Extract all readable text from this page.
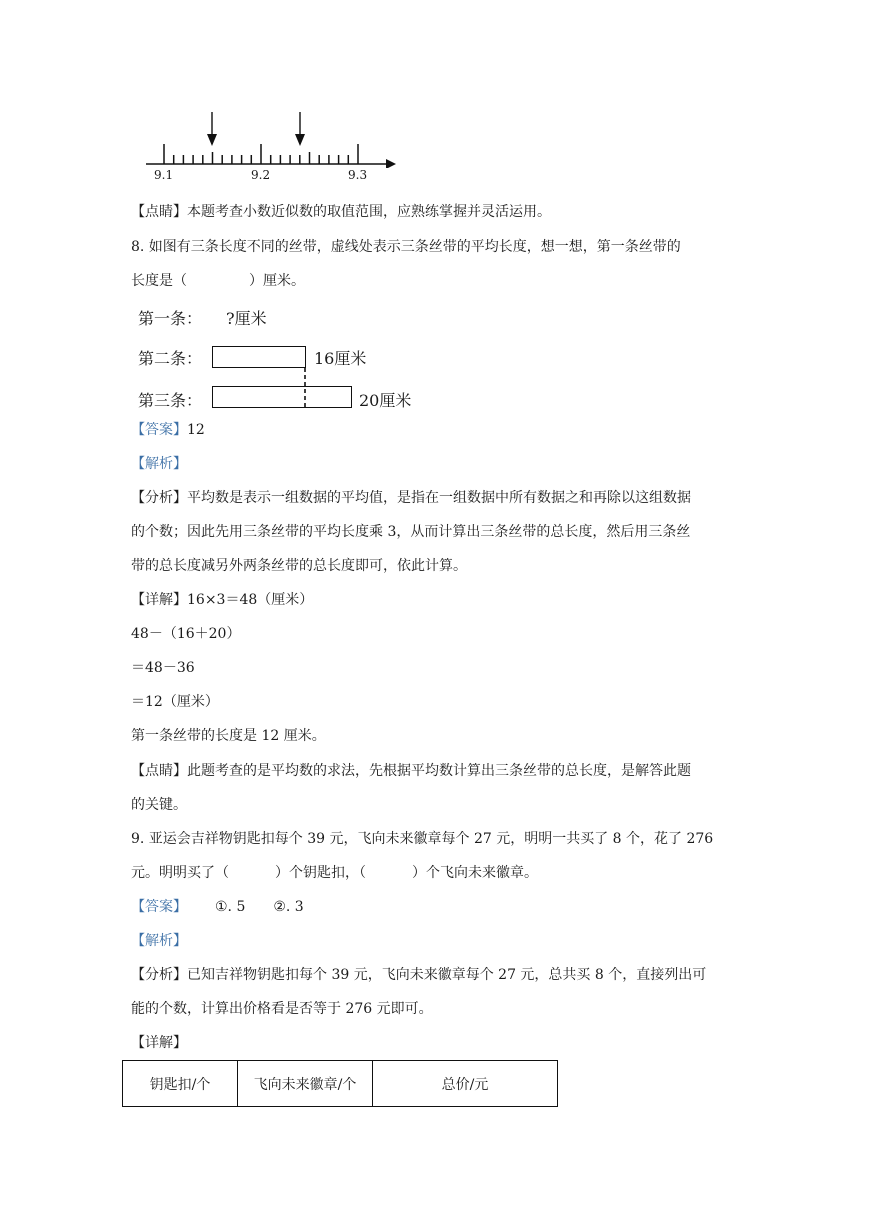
9.1	9.2	9.3
【点睛】本题考查小数近似数的取值范围，应熟练掌握并灵活运用。
8. 如图有三条长度不同的丝带，虚线处表示三条丝带的平均长度，想一想，第一条丝带的
长度是（	）厘米。
第一条： ?厘米
第二条：	16厘米
第三条：	20厘米
【答案】12
【解析】
【分析】平均数是表示一组数据的平均值，是指在一组数据中所有数据之和再除以这组数据
的个数；因此先用三条丝带的平均长度乘 3，从而计算出三条丝带的总长度，然后用三条丝
带的总长度减另外两条丝带的总长度即可，依此计算。
【详解】16×3＝48（厘米）
48－（16＋20）
＝48－36
＝12（厘米）
第一条丝带的长度是 12 厘米。
【点睛】此题考查的是平均数的求法，先根据平均数计算出三条丝带的总长度，是解答此题
的关键。
9. 亚运会吉祥物钥匙扣每个 39 元，飞向未来徽章每个 27 元，明明一共买了 8 个，花了 276
元。明明买了（	）个钥匙扣，（	）个飞向未来徽章。
【答案】 ①. 5 ②. 3
【解析】
【分析】已知吉祥物钥匙扣每个 39 元，飞向未来徽章每个 27 元，总共买 8 个，直接列出可
能的个数，计算出价格看是否等于 276 元即可。
【详解】
钥匙扣/个	飞向未来徽章/个	总价/元
